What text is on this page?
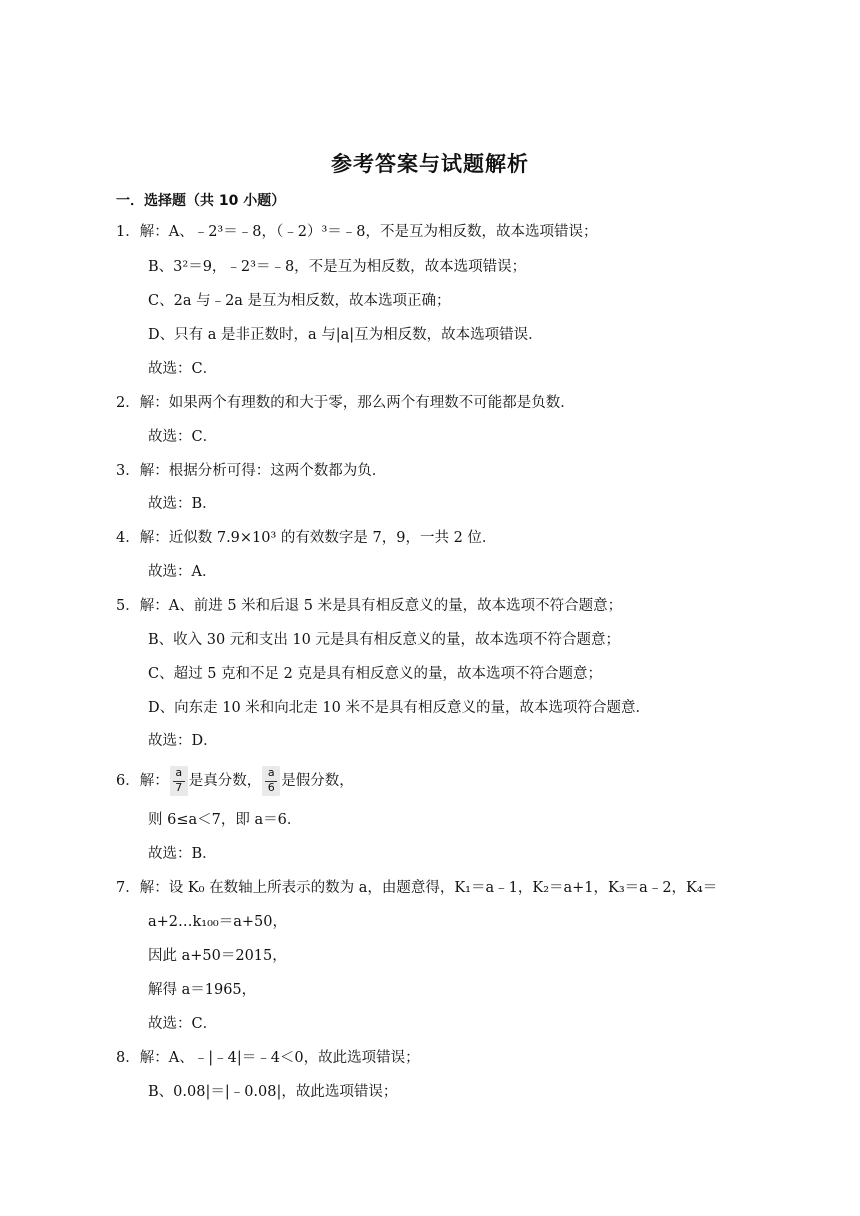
参考答案与试题解析
一．选择题（共 10 小题）
1．解：A、﹣2³＝﹣8，（﹣2）³＝﹣8，不是互为相反数，故本选项错误；
B、3²＝9，﹣2³＝﹣8，不是互为相反数，故本选项错误；
C、2a 与﹣2a 是互为相反数，故本选项正确；
D、只有 a 是非正数时，a 与|a|互为相反数，故本选项错误．
故选：C．
2．解：如果两个有理数的和大于零，那么两个有理数不可能都是负数．
故选：C．
3．解：根据分析可得：这两个数都为负．
故选：B．
4．解：近似数 7.9×10³ 的有效数字是 7，9，一共 2 位．
故选：A．
5．解：A、前进 5 米和后退 5 米是具有相反意义的量，故本选项不符合题意；
B、收入 30 元和支出 10 元是具有相反意义的量，故本选项不符合题意；
C、超过 5 克和不足 2 克是具有相反意义的量，故本选项不符合题意；
D、向东走 10 米和向北走 10 米不是具有相反意义的量，故本选项符合题意．
故选：D．
6．解： $\frac{a}{7}$ 是真分数， $\frac{a}{6}$ 是假分数，
则 6≤a＜7，即 a＝6．
故选：B．
7．解：设 K₀ 在数轴上所表示的数为 a，由题意得，K₁＝a﹣1，K₂＝a+1，K₃＝a﹣2，K₄＝
a+2…k₁₀₀＝a+50，
因此 a+50＝2015，
解得 a＝1965，
故选：C．
8．解：A、﹣|﹣4|＝﹣4＜0，故此选项错误；
B、0.08|＝|﹣0.08|，故此选项错误；
